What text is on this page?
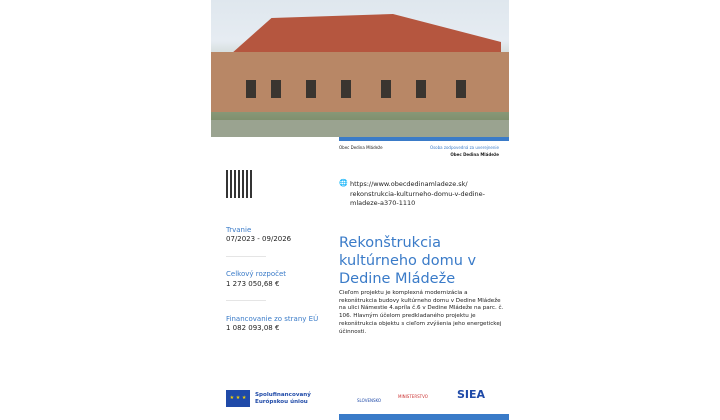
Obec Dedina Mládeže	Osoba zodpovedná za uverejnenie
Obec Dedina Mládeže
🌐 https://www.obecdedinamladeze.sk/ rekonstrukcia-kulturneho-domu-v-dedine- mladeze-a370-1110
Trvanie
07/2023 - 09/2026
Celkový rozpočet
1 273 050,68 €
Financovanie zo strany EÚ
1 082 093,08 €
Rekonštrukcia kultúrneho domu v Dedine Mládeže
Cieľom projektu je komplexná modernizácia a rekonštrukcia budovy kultúrneho domu v Dedine Mládeže na ulici Námestie 4.apríla č.6 v Dedine Mládeže na parc. č. 106. Hlavným účelom predkladaného projektu je rekonštrukcia objektu s cieľom zvýšenia jeho energetickej účinnosti.
★ ★ ★	Spolufinancovaný
Európskou úniou	SLOVENSKO
MINISTERSTVO	SIEA
